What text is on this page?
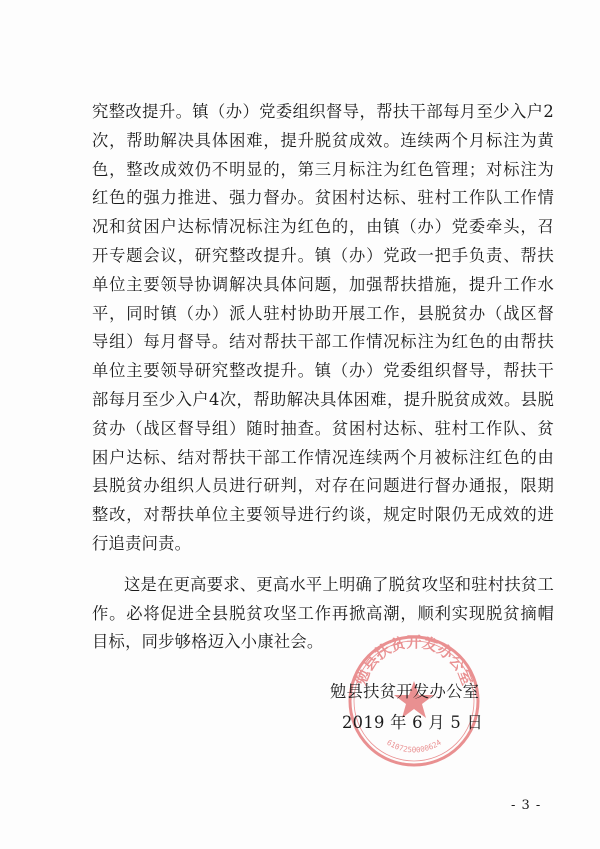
究整改提升。镇（办）党委组织督导，帮扶干部每月至少入户2次，帮助解决具体困难，提升脱贫成效。连续两个月标注为黄色，整改成效仍不明显的，第三月标注为红色管理；对标注为红色的强力推进、强力督办。贫困村达标、驻村工作队工作情况和贫困户达标情况标注为红色的，由镇（办）党委牵头，召开专题会议，研究整改提升。镇（办）党政一把手负责、帮扶单位主要领导协调解决具体问题，加强帮扶措施，提升工作水平，同时镇（办）派人驻村协助开展工作，县脱贫办（战区督导组）每月督导。结对帮扶干部工作情况标注为红色的由帮扶单位主要领导研究整改提升。镇（办）党委组织督导，帮扶干部每月至少入户4次，帮助解决具体困难，提升脱贫成效。县脱贫办（战区督导组）随时抽查。贫困村达标、驻村工作队、贫困户达标、结对帮扶干部工作情况连续两个月被标注红色的由县脱贫办组织人员进行研判，对存在问题进行督办通报，限期整改，对帮扶单位主要领导进行约谈，规定时限仍无成效的进行追责问责。

这是在更高要求、更高水平上明确了脱贫攻坚和驻村扶贫工作。必将促进全县脱贫攻坚工作再掀高潮，顺利实现脱贫摘帽目标，同步够格迈入小康社会。

勉县扶贫开发办公室
6107250000624
勉县扶贫开发办公室
2019 年 6 月 5 日
- 3 -
